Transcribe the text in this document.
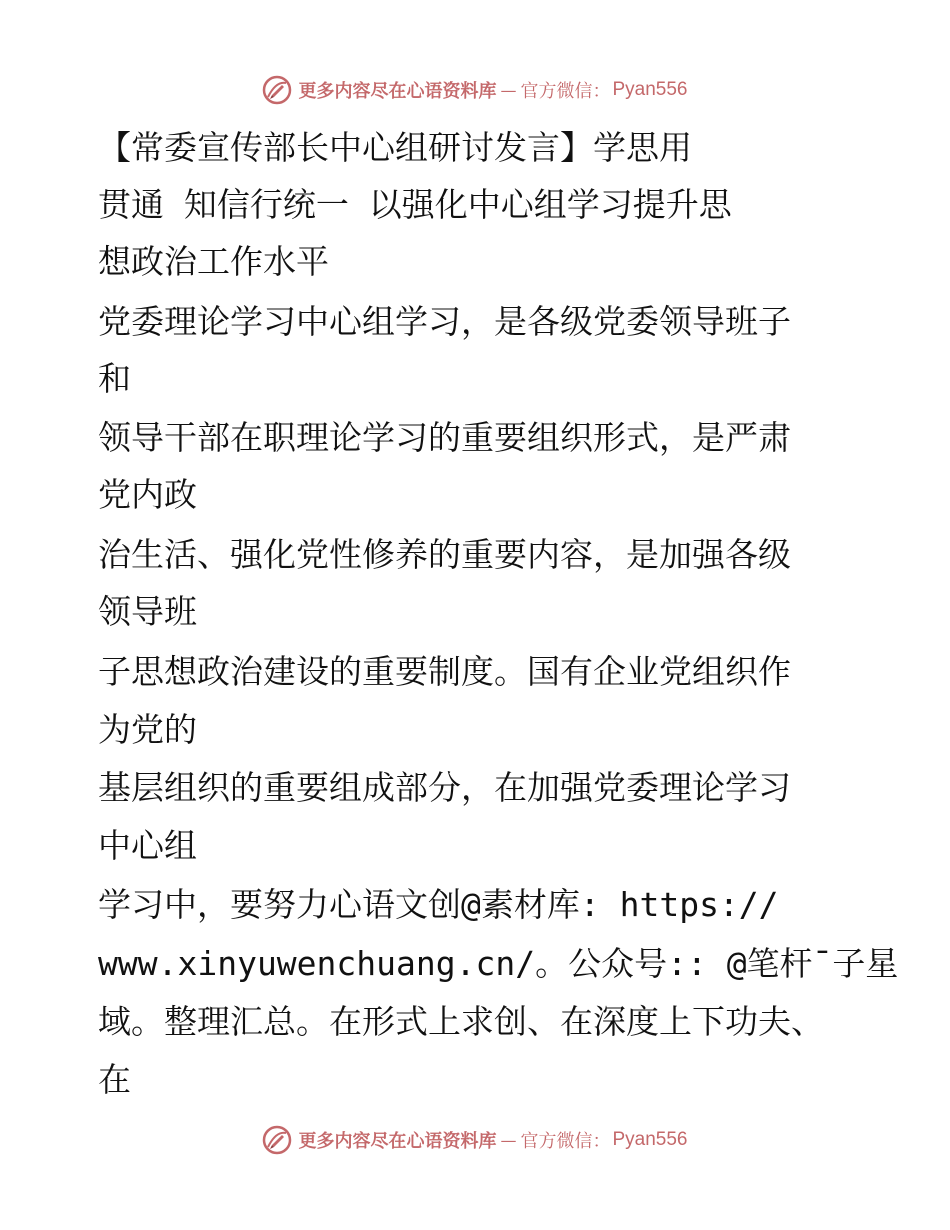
更多内容尽在心语资料库 — 官方微信： Pyan556
【常委宣传部长中心组研讨发言】学思用
贯通 知信行统一 以强化中心组学习提升思
想政治工作水平
党委理论学习中心组学习，是各级党委领导班子
和
领导干部在职理论学习的重要组织形式，是严肃
党内政
治生活、强化党性修养的重要内容，是加强各级
领导班
子思想政治建设的重要制度。国有企业党组织作
为党的
基层组织的重要组成部分，在加强党委理论学习
中心组
学习中，要努力心语文创@素材库: https://
www.xinyuwenchuang.cn/。公众号:: @笔杆¯子星
域。整理汇总。在形式上求创、在深度上下功夫、
在
更多内容尽在心语资料库 — 官方微信： Pyan556
